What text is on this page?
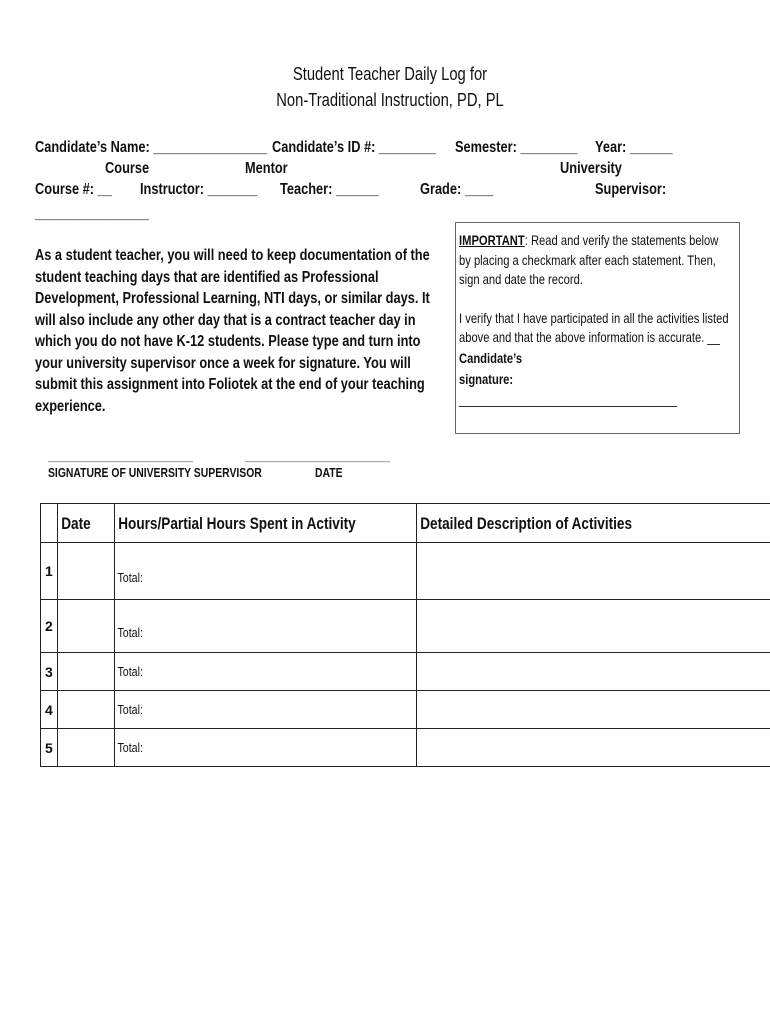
Student Teacher Daily Log for
Non-Traditional Instruction, PD, PL
Candidate’s Name: ________________ Candidate’s ID #: ________ Semester: ________ Year: ______
Course	Mentor	University
Course #: __ Instructor: _______ Teacher: ______	Grade: ____	Supervisor:
________________
As a student teacher, you will need to keep documentation of the student teaching days that are identified as Professional Development, Professional Learning, NTI days, or similar days. It will also include any other day that is a contract teacher day in which you do not have K-12 students. Please type and turn into your university supervisor once a week for signature. You will submit this assignment into Foliotek at the end of your teaching experience.
IMPORTANT: Read and verify the statements below by placing a checkmark after each statement. Then, sign and date the record.
I verify that I have participated in all the activities listed above and that the above information is accurate. __
Candidate’s signature:
___________________________________
_____________________________	_____________________________
SIGNATURE OF UNIVERSITY SUPERVISOR	DATE
	Date	Hours/Partial Hours Spent in Activity	Detailed Description of Activities
1		Total:	
2		Total:	
3		Total:	
4		Total:	
5		Total:	
